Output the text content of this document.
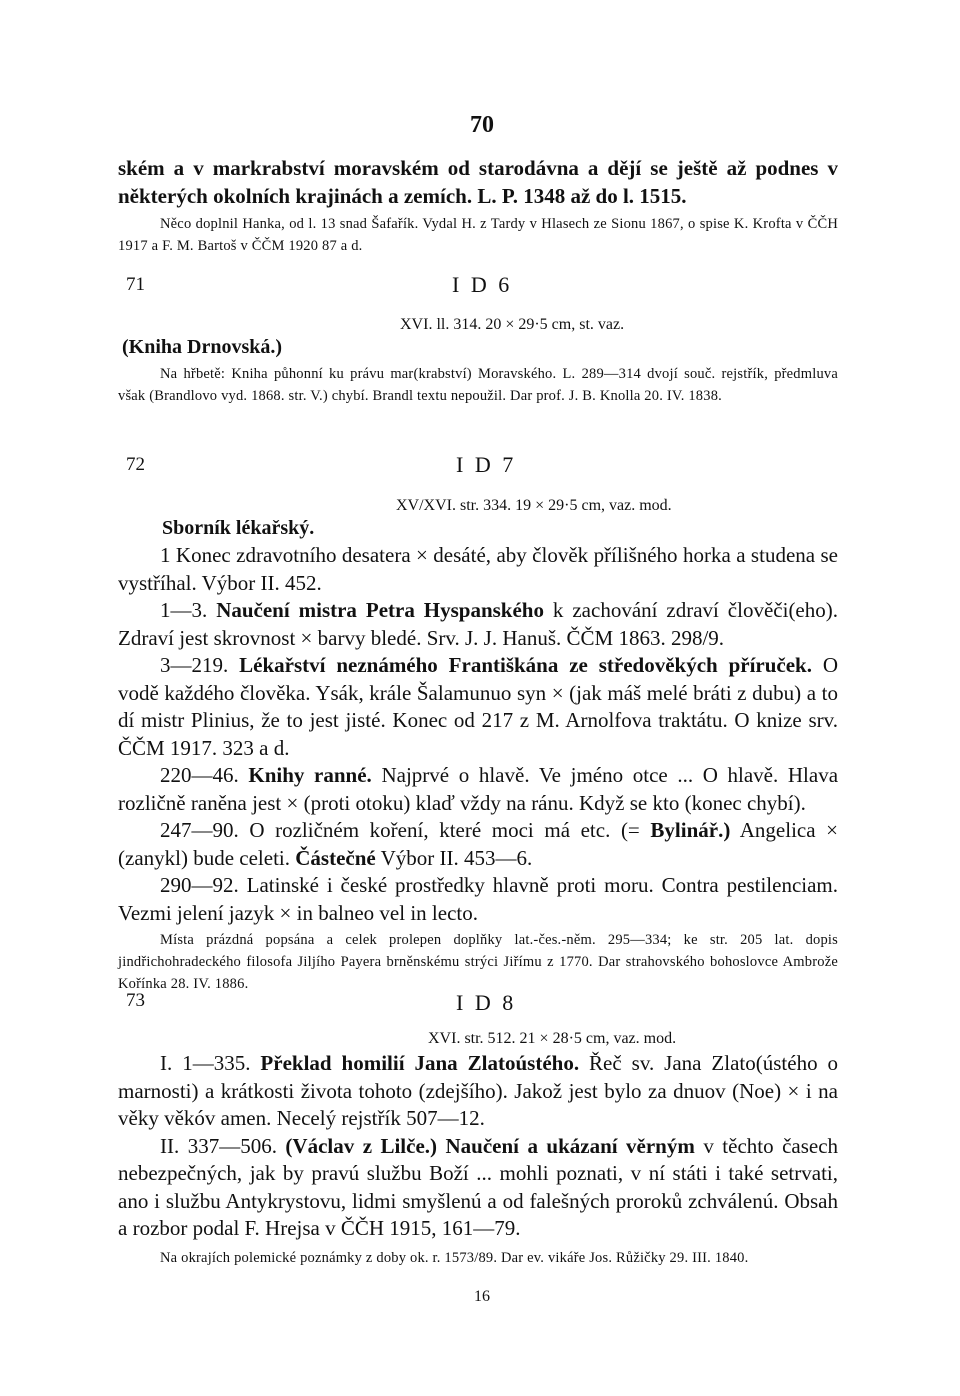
70

ském a v markrabství moravském od starodávna a dějí se ještě až podnes v některých okolních krajinách a zemích. L. P. 1348 až do l. 1515.

Něco doplnil Hanka, od l. 13 snad Šafařík. Vydal H. z Tardy v Hlasech ze Sionu 1867, o spise K. Krofta v ČČH 1917 a F. M. Bartoš v ČČM 1920 87 a d.

71	I D 6
XVI. ll. 314. 20 × 29·5 cm, st. vaz.

(Kniha Drnovská.)

Na hřbetě: Kniha půhonní ku právu mar(krabství) Moravského. L. 289—314 dvojí souč. rejstřík, předmluva však (Brandlovo vyd. 1868. str. V.) chybí. Brandl textu nepoužil. Dar prof. J. B. Knolla 20. IV. 1838.

72	I D 7
XV/XVI. str. 334. 19 × 29·5 cm, vaz. mod.

Sborník lékařský.

1 Konec zdravotního desatera × desáté, aby člověk přílišného horka a studena se vystříhal. Výbor II. 452.

1—3. Naučení mistra Petra Hyspanského k zachování zdraví člověči(eho). Zdraví jest skrovnost × barvy bledé. Srv. J. J. Hanuš. ČČM 1863. 298/9.

3—219. Lékařství neznámého Františkána ze středověkých příruček. O vodě každého člověka. Ysák, krále Šalamunuo syn × (jak máš melé bráti z dubu) a to dí mistr Plinius, že to jest jisté. Konec od 217 z M. Arnolfova traktátu. O knize srv. ČČM 1917. 323 a d.

220—46. Knihy ranné. Najprvé o hlavě. Ve jméno otce ... O hlavě. Hlava rozličně raněna jest × (proti otoku) klaď vždy na ránu. Když se kto (konec chybí).

247—90. O rozličném koření, které moci má etc. (= Bylinář.) Angelica × (zanykl) bude celeti. Částečné Výbor II. 453—6.

290—92. Latinské i české prostředky hlavně proti moru. Contra pestilenciam. Vezmi jelení jazyk × in balneo vel in lecto.

Místa prázdná popsána a celek prolepen doplňky lat.-čes.-něm. 295—334; ke str. 205 lat. dopis jindřichohradeckého filosofa Jiljího Payera brněnskému strýci Jiřímu z 1770. Dar strahovského bohoslovce Ambrože Kořínka 28. IV. 1886.

73	I D 8
XVI. str. 512. 21 × 28·5 cm, vaz. mod.

I. 1—335. Překlad homilií Jana Zlatoústého. Řeč sv. Jana Zlato(ústého o marnosti) a krátkosti života tohoto (zdejšího). Jakož jest bylo za dnuov (Noe) × i na věky věkóv amen. Necelý rejstřík 507—12.

II. 337—506. (Václav z Lilče.) Naučení a ukázaní věrným v těchto časech nebezpečných, jak by pravú službu Boží ... mohli poznati, v ní státi i také setrvati, ano i službu Antykrystovu, lidmi smyšlenú a od falešných proroků zchválenú. Obsah a rozbor podal F. Hrejsa v ČČH 1915, 161—79.

Na okrajích polemické poznámky z doby ok. r. 1573/89. Dar ev. vikáře Jos. Růžičky 29. III. 1840.

16
